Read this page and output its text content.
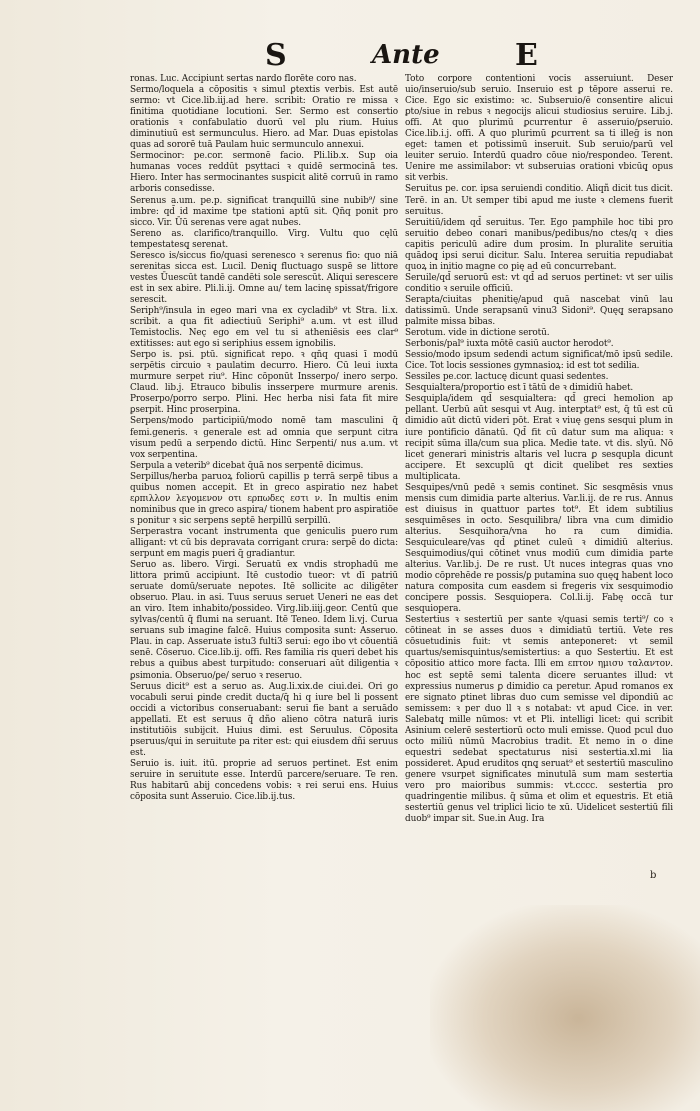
S	Ante	E

ronas. Luc. Accipiunt sertas nardo florēte coro nas.

Sermo/loquela a cōpositis ꝛ simul ꝑtextis verbis. Est autē sermo: vt Cice.lib.iij.ad here. scribit: Oratio re missa ꝛ finitima quotidiane locutioni. Ser. Sermo est consertio orationis ꝛ confabulatio duorū vel plu rium. Huius diminutiuū est sermunculus. Hiero. ad Mar. Duas epistolas quas ad sororē tuā Paulam huic sermunculo annexui.

Sermocinor: pe.cor. sermonē facio. Pli.lib.x. Sup oia humanas voces reddūt psyttaci ꝛ quidē sermocinā tes. Hiero. Inter has sermocinantes suspicit alitē corruū in ramo arboris consedisse.

Serenus a.um. pe.p. significat tranquillū sine nubib⁹/ sine imbre: qd̄ id maxime tpe stationi aptū sit. Qn̄q ponit pro sicco. Vir. Ūū serenas vere agat nubes.

Sereno as. clarifico/tranquillo. Virg. Vultu quo cęlū tempestatesq̨ serenat.

Seresco is/siccus fio/quasi serenesco ꝛ serenus fio: quo niā serenitas sicca est. Lucil. Deniq̨ fluctuago suspē se littore vestes Ūuescūt tandē candēti sole serescūt. Aliqui serescere est in sex abire. Pli.li.ij. Omne au/ tem lacinę spissat/frigore serescit.

Seriph⁹/insula in egeo mari vna ex cycladib⁹ vt Stra. li.x. scribit. a qua fit adiectiuū Seriphi⁹ a.um. vt est illud Temistoclis. Nec̨ ego em vel tu si atheniēsis ees clar⁹ extitisses: aut ego si seriphius essem ignobilis.

Serpo is. psi. ptū. significat repo. ꝛ qn̄q quasi ī modū serpētis circuio ꝛ paulatim decurro. Hiero. Cū leui iuxta murmure serpet riu⁹. Hinc cōponūt Insserpo/ inero serpo. Claud. lib.j. Etrauco bibulis insserpere murmure arenis. Proserpo/porro serpo. Plini. Hec herba nisi fata fit mire ꝑserpit. Hinc proserpina.

Serpens/modo participiū/modo nomē tam masculini q̄ femi.generis. ꝛ generale est ad omnia que serpunt citra visum pedū a serpendo dictū. Hinc Serpenti/ nus a.um. vt vox serpentina.

Serpula a veterib⁹ dicebat q̄uā nos serpentē dicimus.

Serpillus/herba paruoꝝ foliorū capillis p terrā serpē tibus a quibus nomen accepit. Et in greco aspiratio nez habet ερπιλλον λεγομενον οτι ερπωδες εστι ν. In multis enim nominibus que in greco aspira/ tionem habent pro aspiratiōe s ponitur ꝛ sic serpens septē herpillū serpillū.

Serperastra vocant instrumenta que geniculis puero rum alligant: vt cū bis depravata corrigant crura: serpē do dicta: serpunt em magis pueri q̄ gradiantur.

Seruo as. libero. Virgi. Seruatū ex vndis strophadū me littora primū accipiunt. Itē custodio tueor: vt dī patriū seruate domū/seruate nepotes. Itē sollicite ac diligēter obseruo. Plau. in asi. Tuus seruus seruet Ueneri ne eas det an viro. Item inhabito/possideo. Virg.lib.iiij.geor. Centū que sylvas/centū q̄ flumi na seruant. Itē Teneo. Idem li.vj. Curua seruans sub imagine falcē. Huius composita sunt: Asseruo. Plau. in cap. Asseruate istu3 fulti3 serui: ego ibo vt cōuentiā senē. Cōseruo. Cice.lib.ij. offi. Res familia ris queri debet his rebus a quibus abest turpitudo: conseruari aūt diligentia ꝛ ꝑsimonia. Obseruo/ꝑe/ seruo ꝛ reseruo.

Seruus dicit⁹ est a seruo as. Aug.li.xix.de ciui.dei. Ori go vocabuli serui ꝑinde credit ducta/q̄ hi q iure bel li possent occidi a victoribus conseruabant: serui fie bant a seruādo appellati. Et est seruus q̄ dño alieno cōtra naturā iuris institutiōis subijcit. Huius dimi. est Seruulus. Cōposita pseruus/qui in seruitute pa riter est: qui eiusdem dñi seruus est.

Seruio is. iuit. itū. proprie ad seruos pertinet. Est enim seruire in seruitute esse. Interdū parcere/seruare. Te ren. Rus habitarū abij concedens vobis: ꝛ rei serui ens. Huius cōposita sunt Asseruio. Cice.lib.ij.tus.

Toto corpore contentioni vocis asseruiunt. Deser uio/inseruio/sub seruio. Inseruio est ꝑ tēpore asserui re. Cice. Ego sic existimo: ꝛc. Subseruio/ē consentire alicui ꝑto/siue in rebus ꝛ negocijs alicui studiosius seruire. Lib.j. offi. At quo plurimū ꝑcurrentur ē asseruio/ꝑseruio. Cice.lib.i.j. offi. A quo plurimū ꝑcurrent sa ti illeḡ is non eget: tamen et potissimū inseruit. Sub seruio/parū vel leuiter seruio. Interdū quadro cōue nio/respondeo. Terent. Uenire me assimilabor: vt subseruias orationi vbicūq̨ opus sit verbis.

Seruitus pe. cor. ipsa seruiendi conditio. Aliqñ dicit tus dicit. Terē. in an. Ut semper tibi apud me iuste ꝛ clemens fuerit seruitus.

Seruitiū/idem qd̄ seruitus. Ter. Ego pamphile hoc tibi pro seruitio debeo conari manibus/pedibus/no ctes/q ꝛ dies capitis periculū adire dum prosim. In pluralite seruitia quādoq̨ ipsi serui dicitur. Salu. Interea seruitia repudiabat quoꝝ in initio magne co pię ad eū concurrebant.

Seruile/qd̄ seruorū est: vt qd̄ ad seruos pertinet: vt ser uilis conditio ꝛ seruile officiū.

Serapta/ciuitas phenitię/apud quā nascebat vinū lau datissimū. Unde serapsanū vinu3 Sidoni⁹. Quęq̨ serapsano palmite missa bibas.

Serotum. vide in dictione serotū.

Serbonis/pal⁹ iuxta mōtē casiū auctor herodot⁹.

Sessio/modo ipsum sedendi actum significat/mō ipsū sedile. Cice. Tot locis sessiones gymnasioꝝ: id est tot sedilia.

Sessiles pe.cor. lactucę dicunt quasi sedentes.

Sesquialtera/proportio est ī tātū de ꝛ dimidiū habet.

Sesquipla/idem qd̄ sesquialtera: qd̄ greci hemolion ap pellant. Uerbū aūt sesqui vt Aug. interꝑtat⁹ est, q̄ tū est cū dimidio aūt dictū videri pōt. Erat ꝛ viuę gens sesqui plum in iure pontificio dānatū. Qd̄ fit cū datur sum ma aliqua: ꝛ recipit sūma illa/cum sua plica. Medie tate. vt dis. slyū. Nō licet generari ministris altaris vel lucra ꝑ sesqupla dicunt accipere. Et sexcuplū q̨t dicit quelibet res sexties multiplicata.

Sesquipes/vnū pedē ꝛ semis continet. Sic sesqmēsis vnus mensis cum dimidia parte alterius. Var.li.ij. de re rus. Annus est diuisus in quattuor partes tot⁹. Et idem subtilius sesquimēses in octo. Sesquilibra/ libra vna cum dimidio alterius. Sesquihora/vna ho ra cum dimidia. Sesquiculeare/vas qd̄ ꝑtinet culeū ꝛ dimidiū alterius. Sesquimodius/qui cōtinet vnus modiū cum dimidia parte alterius. Var.lib.j. De re rust. Ut nuces integras quas vno modio cōprehēde re possis/ꝑ putamina suo quęq̨ habent loco natura composita cum easdem si fregeris vix sesquimodio concipere possis. Sesquiopera. Col.li.ij. Fabę occā tur sesquiopera.

Sestertius ꝛ sestertiū per sante ꝛ/quasi semis terti⁹/ co ꝛ cōtineat in se asses duos ꝛ dimidiatū tertiū. Vete res cōsuetudinis fuit: vt semis anteponeret: vt semil quartus/semisquintus/semistertius: a quo Sestertiu. Et est cōpositio attico more facta. Illi em επτον ημισυ ταλαντον. hoc est septē semi talenta dicere seruantes illud: vt expressius numerus ꝑ dimidio ca peretur. Apud romanos ex ere signato ꝑtinet libras duo cum semisse vel dipondiū ac semissem: ꝛ per duo ll ꝛ s notabat: vt apud Cice. in ver. Salebatq̨ mille nūmos: vt et Pli. intelligi licet: qui scribit Asinium celerē sestertiorū octo muli emisse. Quod pcul duo octo miliū nūmū Macrobius tradit. Et nemo in o dine equestri sedebat spectaturus nisi sestertia.xl.mi lia possideret. Apud eruditos qnq̨ seruat⁹ et sestertiū masculino genere vsurpet significates minutulā sum mam sestertia vero pro maioribus summis: vt.cccc. sestertia pro quadringentie milibus. q̄ sūma et olim et equestris. Et etiā sestertiū genus vel triplici licio te xū. Uidelicet sestertiū fili duob⁹ impar sit. Sue.in Aug. Ira

b
